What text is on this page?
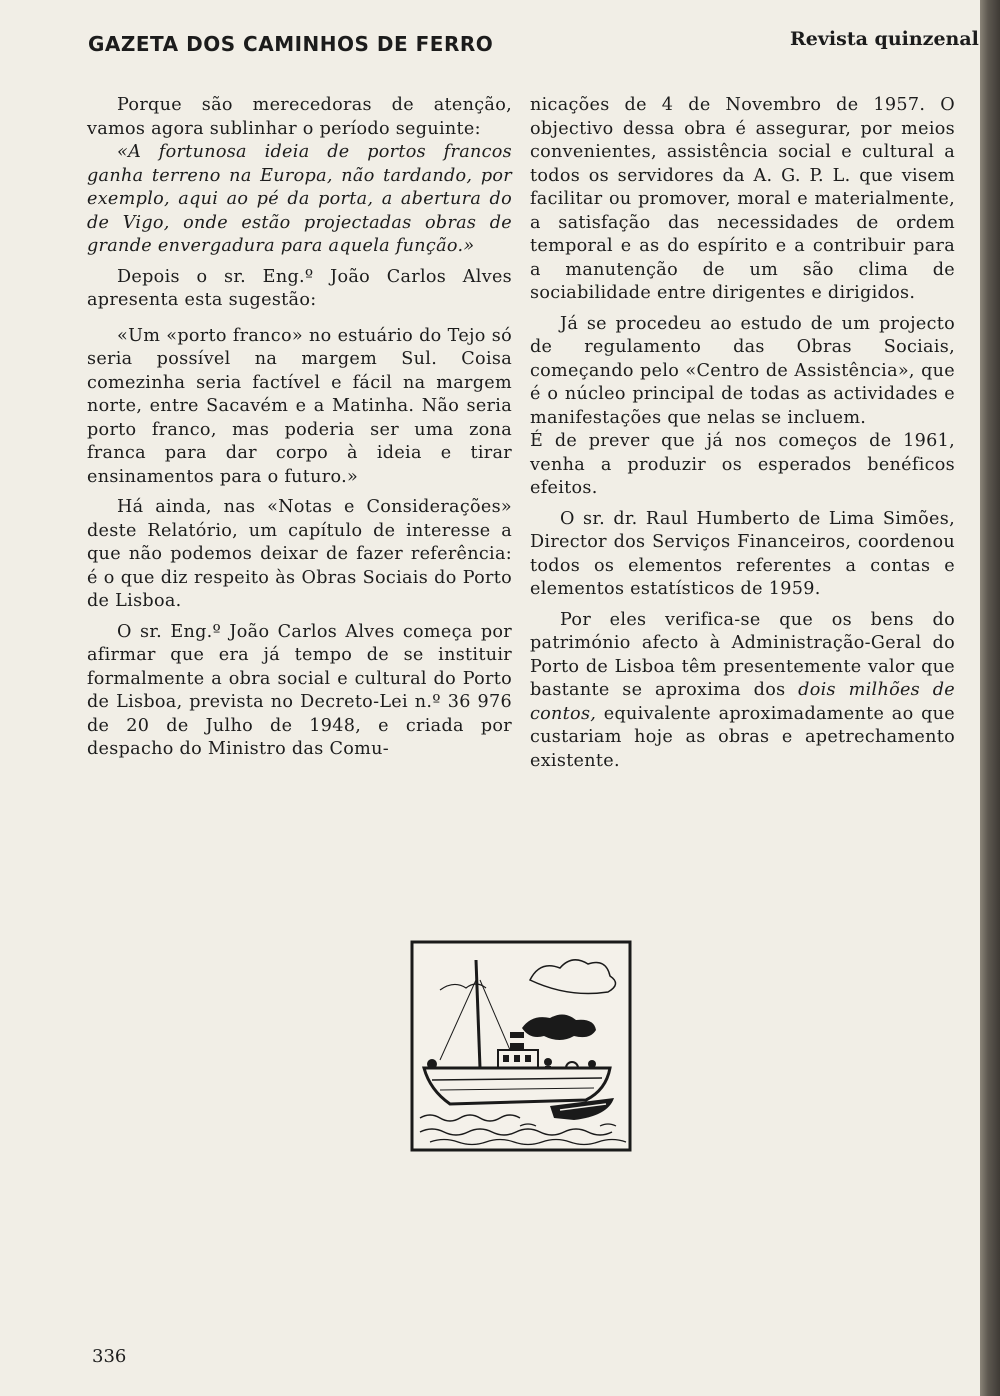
GAZETA DOS CAMINHOS DE FERRO	Revista quinzenal

Porque são merecedoras de atenção, vamos agora sublinhar o período seguinte:

«A fortunosa ideia de portos francos ganha terreno na Europa, não tardando, por exemplo, aqui ao pé da porta, a abertura do de Vigo, onde estão projectadas obras de grande envergadura para aquela função.»

Depois o sr. Eng.º João Carlos Alves apresenta esta sugestão:

«Um «porto franco» no estuário do Tejo só seria possível na margem Sul. Coisa comezinha seria factível e fácil na margem norte, entre Sacavém e a Matinha. Não seria porto franco, mas poderia ser uma zona franca para dar corpo à ideia e tirar ensinamentos para o futuro.»

Há ainda, nas «Notas e Considerações» deste Relatório, um capítulo de interesse a que não podemos deixar de fazer referência: é o que diz respeito às Obras Sociais do Porto de Lisboa.

O sr. Eng.º João Carlos Alves começa por afirmar que era já tempo de se instituir formalmente a obra social e cultural do Porto de Lisboa, prevista no Decreto-Lei n.º 36 976 de 20 de Julho de 1948, e criada por despacho do Ministro das Comu-

nicações de 4 de Novembro de 1957. O objectivo dessa obra é assegurar, por meios convenientes, assistência social e cultural a todos os servidores da A. G. P. L. que visem facilitar ou promover, moral e materialmente, a satisfação das necessidades de ordem temporal e as do espírito e a contribuir para a manutenção de um são clima de sociabilidade entre dirigentes e dirigidos.

Já se procedeu ao estudo de um projecto de regulamento das Obras Sociais, começando pelo «Centro de Assistência», que é o núcleo principal de todas as actividades e manifestações que nelas se incluem.

É de prever que já nos começos de 1961, venha a produzir os esperados benéficos efeitos.

O sr. dr. Raul Humberto de Lima Simões, Director dos Serviços Financeiros, coordenou todos os elementos referentes a contas e elementos estatísticos de 1959.

Por eles verifica-se que os bens do património afecto à Administração-Geral do Porto de Lisboa têm presentemente valor que bastante se aproxima dos dois milhões de contos, equivalente aproximadamente ao que custariam hoje as obras e apetrechamento existente.

336
